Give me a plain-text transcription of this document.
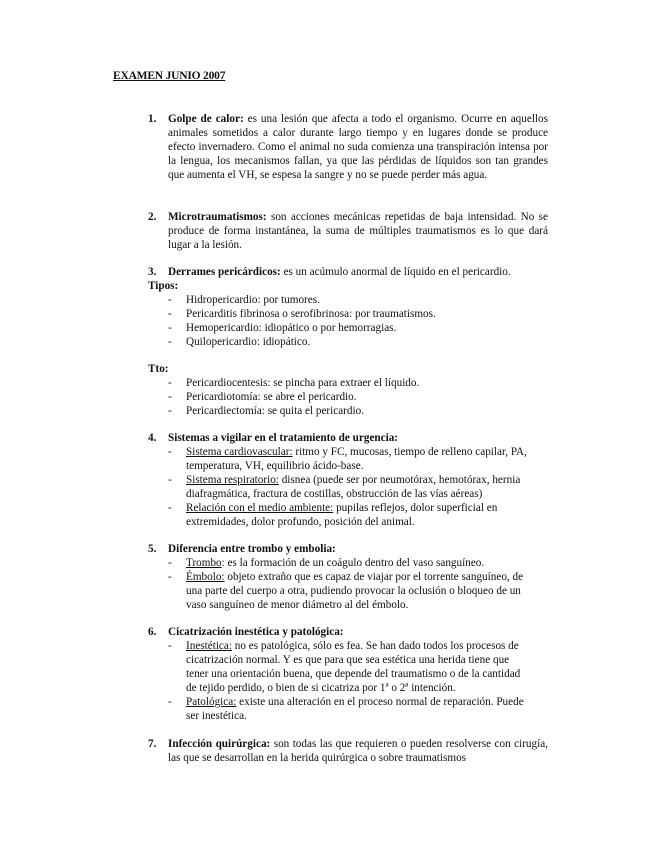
EXAMEN JUNIO 2007
1. Golpe de calor: es una lesión que afecta a todo el organismo. Ocurre en aquellos animales sometidos a calor durante largo tiempo y en lugares donde se produce efecto invernadero. Como el animal no suda comienza una transpiración intensa por la lengua, los mecanismos fallan, ya que las pérdidas de líquidos son tan grandes que aumenta el VH, se espesa la sangre y no se puede perder más agua.
2. Microtraumatismos: son acciones mecánicas repetidas de baja intensidad. No se produce de forma instantánea, la suma de múltiples traumatismos es lo que dará lugar a la lesión.
3. Derrames pericárdicos: es un acúmulo anormal de líquido en el pericardio.
Tipos:
- Hidropericardio: por tumores.
- Pericarditis fibrinosa o serofibrinosa: por traumatismos.
- Hemopericardio: idiopático o por hemorragias.
- Quilopericardio: idiopático.
Tto:
- Pericardiocentesis: se pincha para extraer el líquido.
- Pericardiotomía: se abre el pericardio.
- Pericardiectomía: se quita el pericardio.
4. Sistemas a vigilar en el tratamiento de urgencia:
- Sistema cardiovascular: ritmo y FC, mucosas, tiempo de relleno capilar, PA, temperatura, VH, equilibrio ácido-base.
- Sistema respiratorio: disnea (puede ser por neumotórax, hemotórax, hernia diafragmática, fractura de costillas, obstrucción de las vías aéreas)
- Relación con el medio ambiente: pupilas reflejos, dolor superficial en extremidades, dolor profundo, posición del animal.
5. Diferencia entre trombo y embolia:
- Trombo: es la formación de un coágulo dentro del vaso sanguíneo.
- Émbolo: objeto extraño que es capaz de viajar por el torrente sanguíneo, de una parte del cuerpo a otra, pudiendo provocar la oclusión o bloqueo de un vaso sanguíneo de menor diámetro al del émbolo.
6. Cicatrización inestética y patológica:
- Inestética: no es patológica, sólo es fea. Se han dado todos los procesos de cicatrización normal. Y es que para que sea estética una herida tiene que tener una orientación buena, que depende del traumatismo o de la cantidad de tejido perdido, o bien de si cicatriza por 1ª o 2ª intención.
- Patológica: existe una alteración en el proceso normal de reparación. Puede ser inestética.
7. Infección quirúrgica: son todas las que requieren o pueden resolverse con cirugía, las que se desarrollan en la herida quirúrgica o sobre traumatismos
